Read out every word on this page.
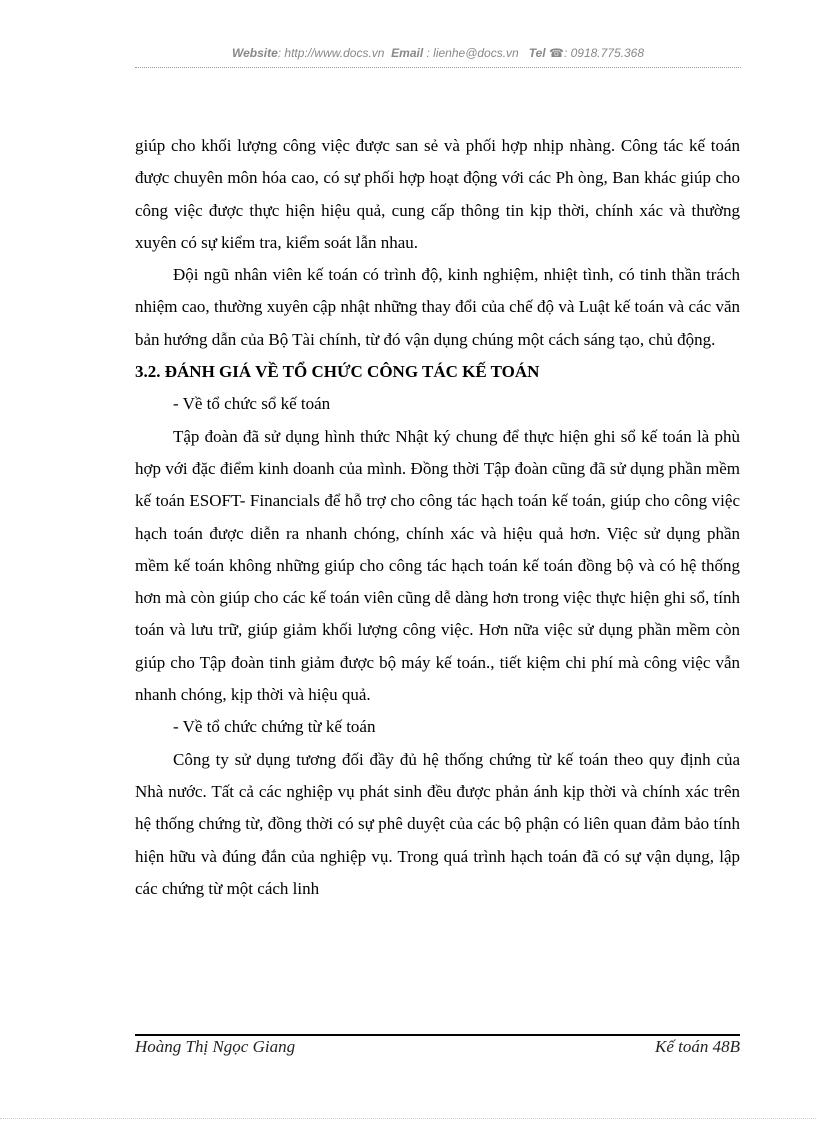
Website: http://www.docs.vn Email : lienhe@docs.vn Tel ☎: 0918.775.368

giúp cho khối lượng công việc được san sẻ và phối hợp nhịp nhàng. Công tác kế toán được chuyên môn hóa cao, có sự phối hợp hoạt động với các Ph òng, Ban khác giúp cho công việc được thực hiện hiệu quả, cung cấp thông tin kịp thời, chính xác và thường xuyên có sự kiểm tra, kiểm soát lẫn nhau.

Đội ngũ nhân viên kế toán có trình độ, kinh nghiệm, nhiệt tình, có tinh thần trách nhiệm cao, thường xuyên cập nhật những thay đổi của chế độ và Luật kế toán và các văn bản hướng dẫn của Bộ Tài chính, từ đó vận dụng chúng một cách sáng tạo, chủ động.

3.2. ĐÁNH GIÁ VỀ TỔ CHỨC CÔNG TÁC KẾ TOÁN

- Về tổ chức sổ kế toán

Tập đoàn đã sử dụng hình thức Nhật ký chung để thực hiện ghi sổ kế toán là phù hợp với đặc điểm kinh doanh của mình. Đồng thời Tập đoàn cũng đã sử dụng phần mềm kế toán ESOFT- Financials để hỗ trợ cho công tác hạch toán kế toán, giúp cho công việc hạch toán được diễn ra nhanh chóng, chính xác và hiệu quả hơn. Việc sử dụng phần mềm kế toán không những giúp cho công tác hạch toán kế toán đồng bộ và có hệ thống hơn mà còn giúp cho các kế toán viên cũng dễ dàng hơn trong việc thực hiện ghi sổ, tính toán và lưu trữ, giúp giảm khối lượng công việc. Hơn nữa việc sử dụng phần mềm còn giúp cho Tập đoàn tinh giảm được bộ máy kế toán., tiết kiệm chi phí mà công việc vẫn nhanh chóng, kịp thời và hiệu quả.

- Về tổ chức chứng từ kế toán

Công ty sử dụng tương đối đầy đủ hệ thống chứng từ kế toán theo quy định của Nhà nước. Tất cả các nghiệp vụ phát sinh đều được phản ánh kịp thời và chính xác trên hệ thống chứng từ, đồng thời có sự phê duyệt của các bộ phận có liên quan đảm bảo tính hiện hữu và đúng đắn của nghiệp vụ. Trong quá trình hạch toán đã có sự vận dụng, lập các chứng từ một cách linh

Hoàng Thị Ngọc Giang	Kế toán 48B
